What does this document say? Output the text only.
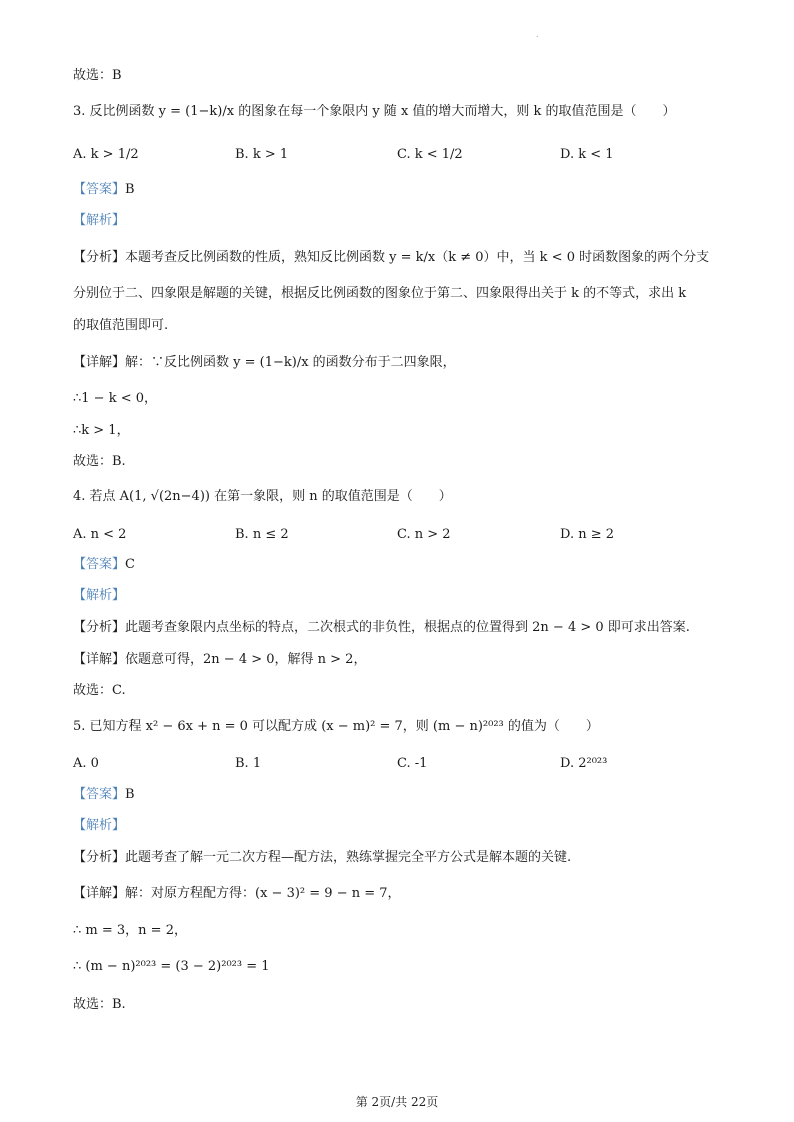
.
故选：B
3. 反比例函数 y = (1−k)/x 的图象在每一个象限内 y 随 x 值的增大而增大，则 k 的取值范围是（　　）
A. k > 1/2	B. k > 1	C. k < 1/2	D. k < 1
【答案】B
【解析】
【分析】本题考查反比例函数的性质，熟知反比例函数 y = k/x（k ≠ 0）中，当 k < 0 时函数图象的两个分支
分别位于二、四象限是解题的关键，根据反比例函数的图象位于第二、四象限得出关于 k 的不等式，求出 k
的取值范围即可.
【详解】解：∵反比例函数 y = (1−k)/x 的函数分布于二四象限，
∴1 − k < 0，
∴k > 1，
故选：B.
4. 若点 A(1, √(2n−4)) 在第一象限，则 n 的取值范围是（　　）
A. n < 2	B. n ≤ 2	C. n > 2	D. n ≥ 2
【答案】C
【解析】
【分析】此题考查象限内点坐标的特点，二次根式的非负性，根据点的位置得到 2n − 4 > 0 即可求出答案.
【详解】依题意可得，2n − 4 > 0，解得 n > 2，
故选：C.
5. 已知方程 x² − 6x + n = 0 可以配方成 (x − m)² = 7，则 (m − n)²⁰²³ 的值为（　　）
A. 0	B. 1	C. -1	D. 2²⁰²³
【答案】B
【解析】
【分析】此题考查了解一元二次方程—配方法，熟练掌握完全平方公式是解本题的关键.
【详解】解：对原方程配方得：(x − 3)² = 9 − n = 7，
∴ m = 3，n = 2，
∴ (m − n)²⁰²³ = (3 − 2)²⁰²³ = 1
故选：B.
第 2页/共 22页
